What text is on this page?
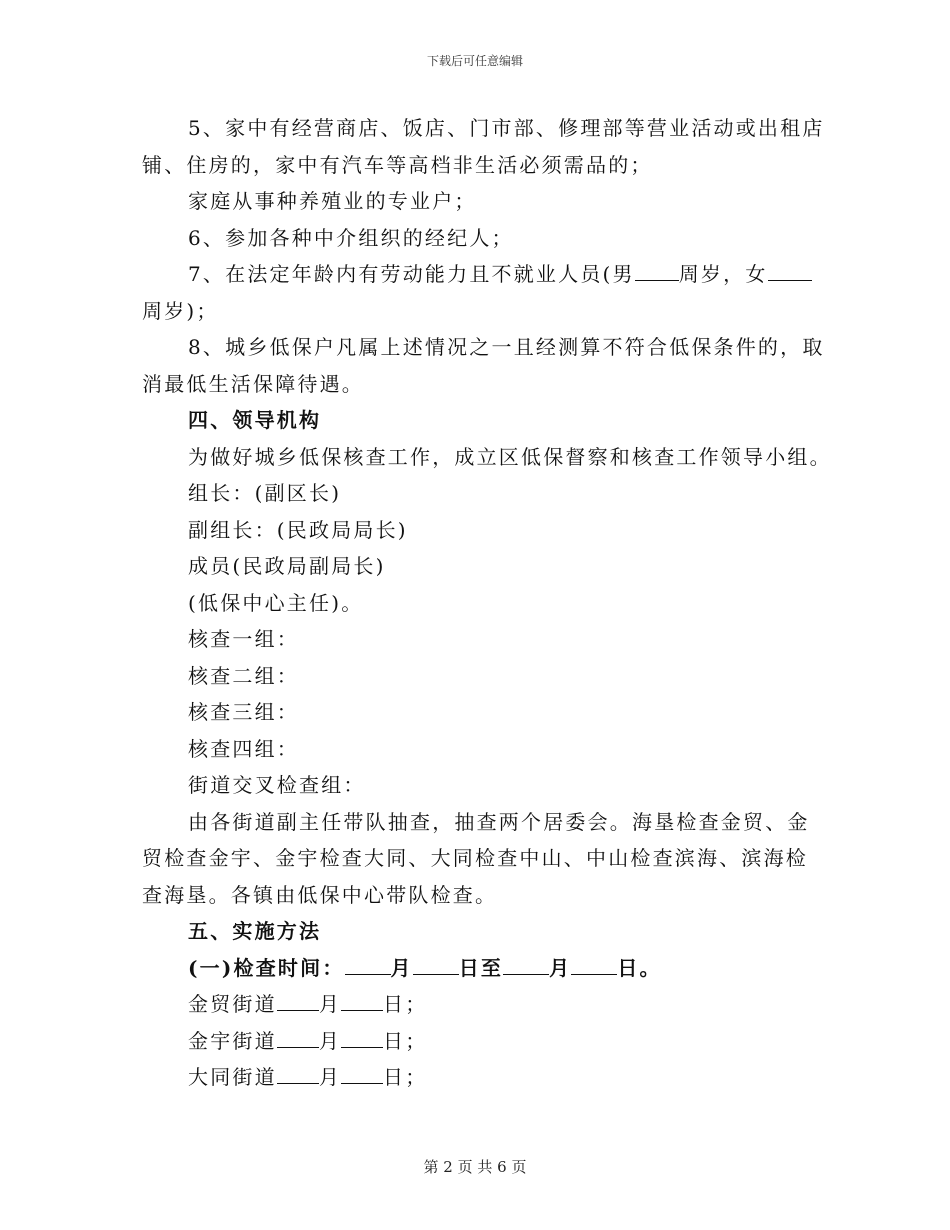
下载后可任意编辑
5、家中有经营商店、饭店、门市部、修理部等营业活动或出租店
铺、住房的，家中有汽车等高档非生活必须需品的；
家庭从事种养殖业的专业户；
6、参加各种中介组织的经纪人；
7、在法定年龄内有劳动能力且不就业人员(男 周岁，女
周岁)；
8、城乡低保户凡属上述情况之一且经测算不符合低保条件的，取
消最低生活保障待遇。
四、领导机构
为做好城乡低保核查工作，成立区低保督察和核查工作领导小组。
组长：(副区长)
副组长：(民政局局长)
成员(民政局副局长)
(低保中心主任)。
核查一组：
核查二组：
核查三组：
核查四组：
街道交叉检查组：
由各街道副主任带队抽查，抽查两个居委会。海垦检查金贸、金
贸检查金宇、金宇检查大同、大同检查中山、中山检查滨海、滨海检
查海垦。各镇由低保中心带队检查。
五、实施方法
(一)检查时间： 月 日至 月 日。
金贸街道 月 日；
金宇街道 月 日；
大同街道 月 日；
第 2 页 共 6 页
